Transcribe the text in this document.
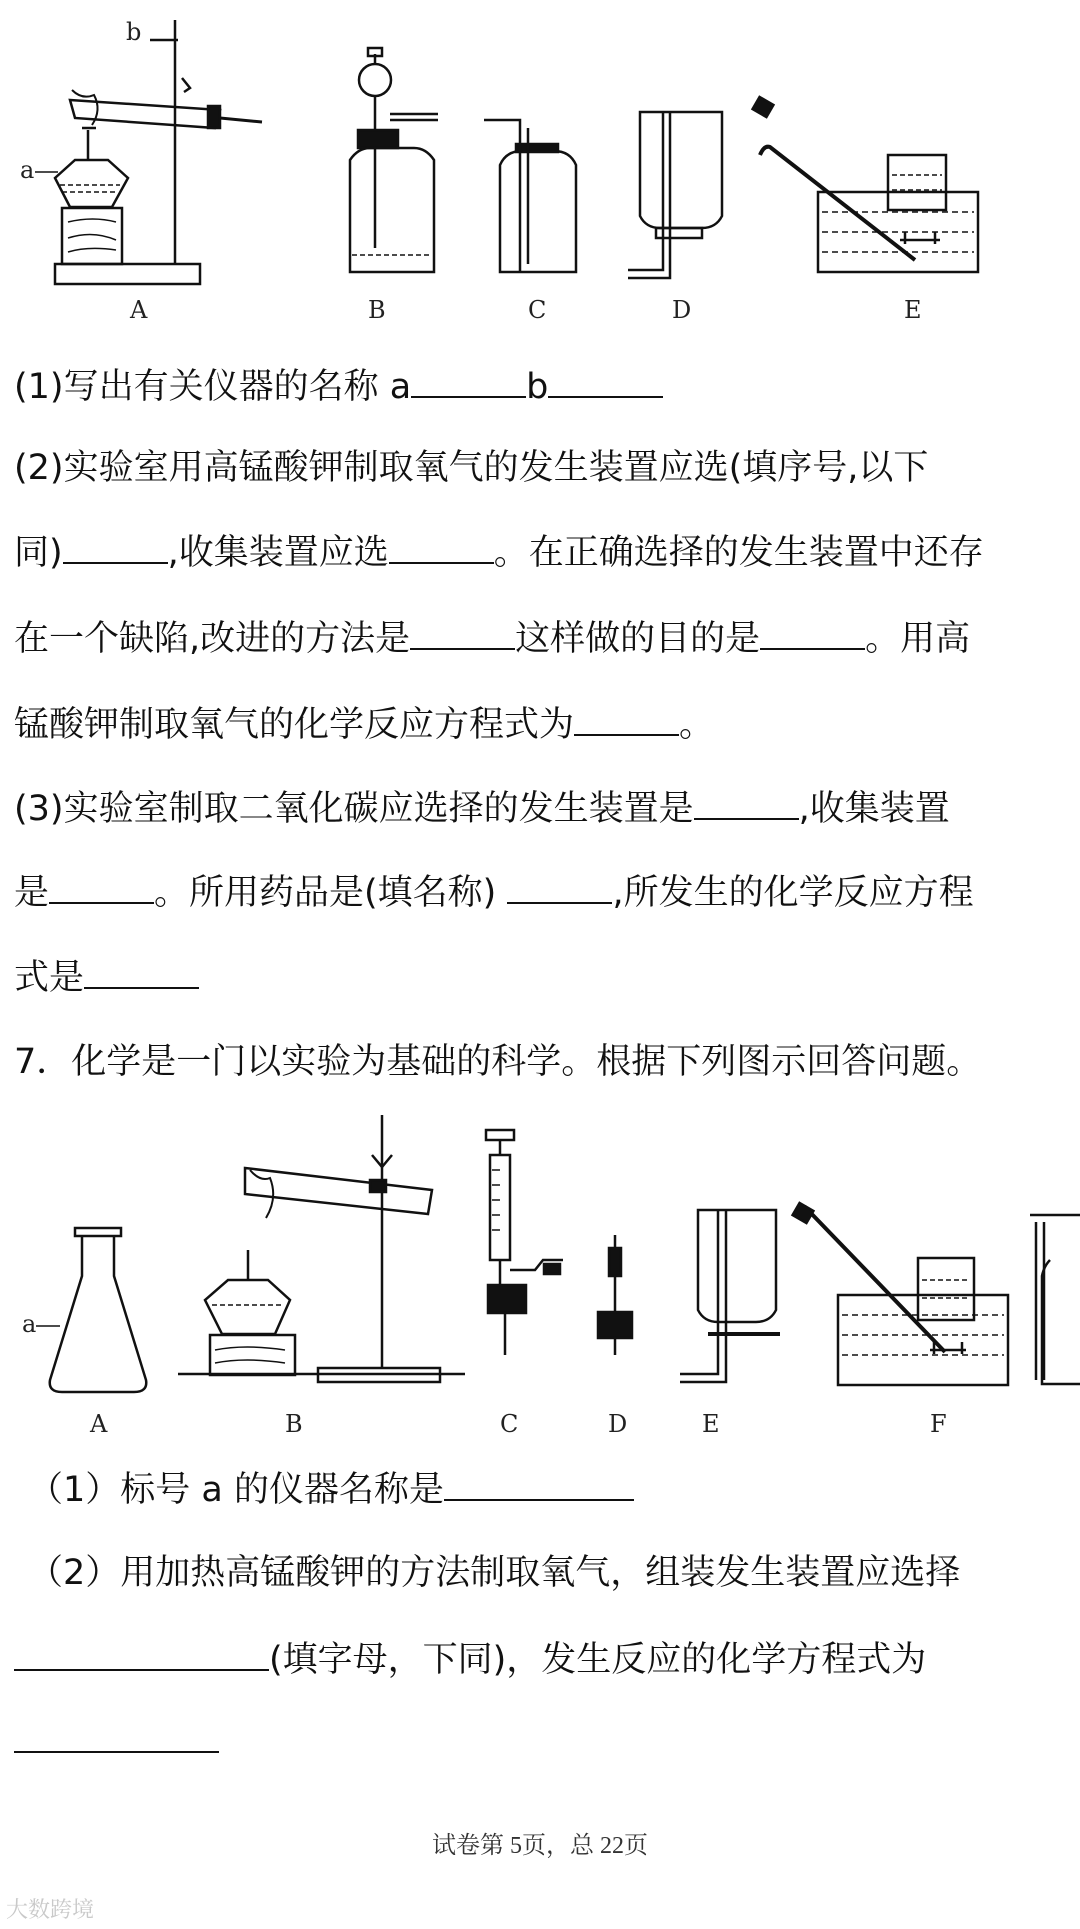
b
a
A	B	C	D	E
(1)写出有关仪器的名称 a	b
(2)实验室用高锰酸钾制取氧气的发生装置应选(填序号,以下
同)	,收集装置应选	。在正确选择的发生装置中还存
在一个缺陷,改进的方法是	这样做的目的是	。用高
锰酸钾制取氧气的化学反应方程式为	。
(3)实验室制取二氧化碳应选择的发生装置是	,收集装置
是	。所用药品是(填名称)	,所发生的化学反应方程
式是
7．化学是一门以实验为基础的科学。根据下列图示回答问题。
a
A	B	C	D	E	F
（1）标号 a 的仪器名称是
（2）用加热高锰酸钾的方法制取氧气，组装发生装置应选择
(填字母，下同)，发生反应的化学方程式为
试卷第 5页，总 22页
大数跨境
